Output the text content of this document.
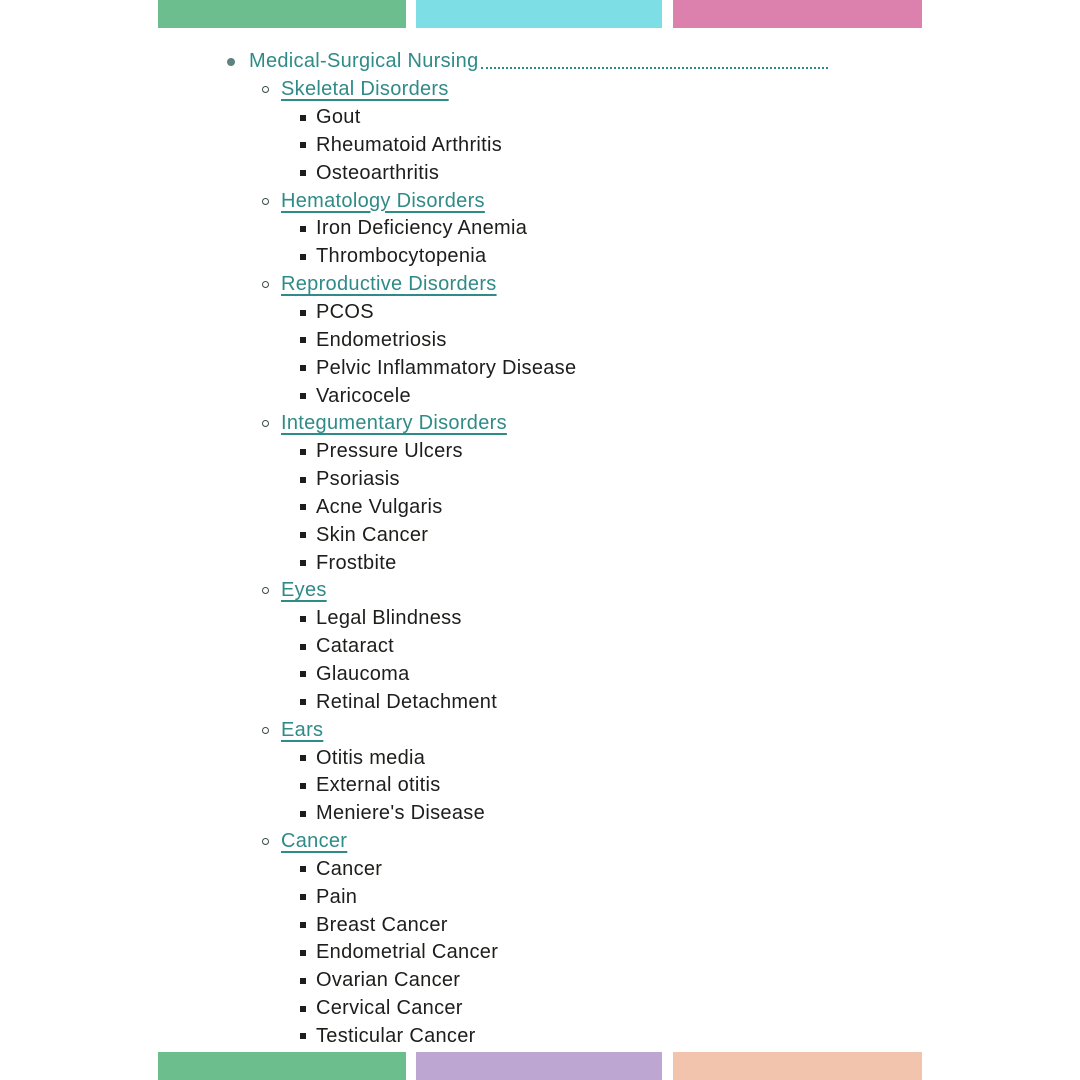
Medical-Surgical Nursing
Skeletal Disorders
Gout
Rheumatoid Arthritis
Osteoarthritis
Hematology Disorders
Iron Deficiency Anemia
Thrombocytopenia
Reproductive Disorders
PCOS
Endometriosis
Pelvic Inflammatory Disease
Varicocele
Integumentary Disorders
Pressure Ulcers
Psoriasis
Acne Vulgaris
Skin Cancer
Frostbite
Eyes
Legal Blindness
Cataract
Glaucoma
Retinal Detachment
Ears
Otitis media
External otitis
Meniere's Disease
Cancer
Cancer
Pain
Breast Cancer
Endometrial Cancer
Ovarian Cancer
Cervical Cancer
Testicular Cancer
